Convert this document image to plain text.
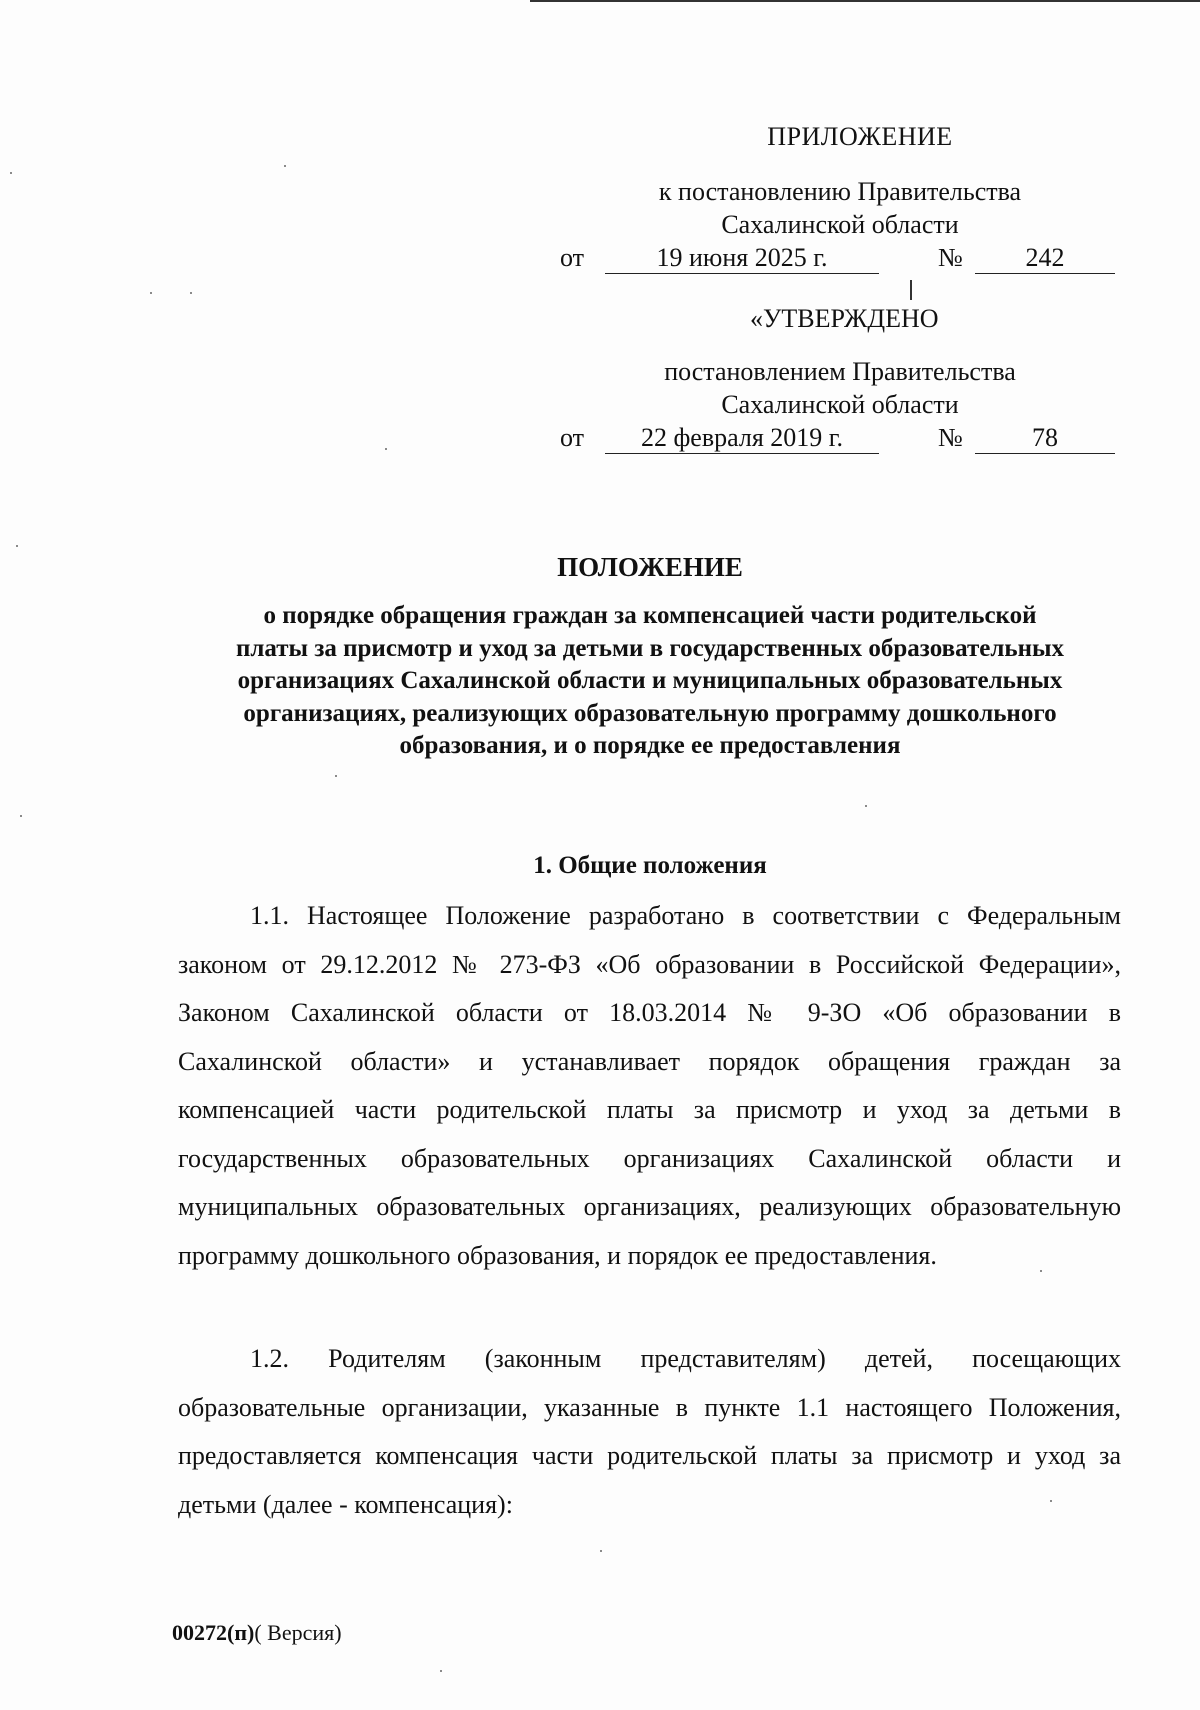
ПРИЛОЖЕНИЕ
к постановлению Правительства
Сахалинской области
от	19 июня 2025 г.	№	242
«УТВЕРЖДЕНО
постановлением Правительства
Сахалинской области
от	22 февраля 2019 г.	№	78
ПОЛОЖЕНИЕ
о порядке обращения граждан за компенсацией части родительской
платы за присмотр и уход за детьми в государственных образовательных
организациях Сахалинской области и муниципальных образовательных
организациях, реализующих образовательную программу дошкольного
образования, и о порядке ее предоставления
1. Общие положения
1.1. Настоящее Положение разработано в соответствии с Федеральным законом от 29.12.2012 № 273-ФЗ «Об образовании в Российской Федерации», Законом Сахалинской области от 18.03.2014 № 9-ЗО «Об образовании в Сахалинской области» и устанавливает порядок обращения граждан за компенсацией части родительской платы за присмотр и уход за детьми в государственных образовательных организациях Сахалинской области и муниципальных образовательных организациях, реализующих образовательную программу дошкольного образования, и порядок ее предоставления.
1.2. Родителям (законным представителям) детей, посещающих образовательные организации, указанные в пункте 1.1 настоящего Положения, предоставляется компенсация части родительской платы за присмотр и уход за детьми (далее - компенсация):
00272(п)( Версия)
